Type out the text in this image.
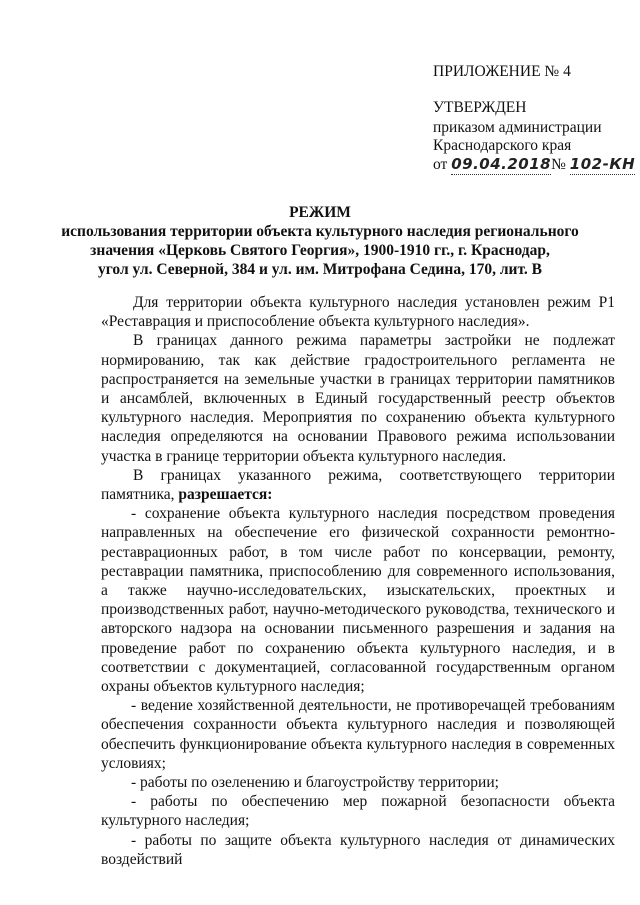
ПРИЛОЖЕНИЕ № 4
УТВЕРЖДЕН
приказом администрации
Краснодарского края
от 09.04.2018№ 102-КН
РЕЖИМ
использования территории объекта культурного наследия регионального
значения «Церковь Святого Георгия», 1900-1910 гг., г. Краснодар,
угол ул. Северной, 384 и ул. им. Митрофана Седина, 170, лит. В

Для территории объекта культурного наследия установлен режим Р1 «Реставрация и приспособление объекта культурного наследия».

В границах данного режима параметры застройки не подлежат нормированию, так как действие градостроительного регламента не распространяется на земельные участки в границах территории памятников и ансамблей, включенных в Единый государственный реестр объектов культурного наследия. Мероприятия по сохранению объекта культурного наследия определяются на основании Правового режима использовании участка в границе территории объекта культурного наследия.

В границах указанного режима, соответствующего территории памятника, разрешается:

- сохранение объекта культурного наследия посредством проведения направленных на обеспечение его физической сохранности ремонтно-реставрационных работ, в том числе работ по консервации, ремонту, реставрации памятника, приспособлению для современного использования, а также научно-исследовательских, изыскательских, проектных и производственных работ, научно-методического руководства, технического и авторского надзора на основании письменного разрешения и задания на проведение работ по сохранению объекта культурного наследия, и в соответствии с документацией, согласованной государственным органом охраны объектов культурного наследия;

- ведение хозяйственной деятельности, не противоречащей требованиям обеспечения сохранности объекта культурного наследия и позволяющей обеспечить функционирование объекта культурного наследия в современных условиях;

- работы по озеленению и благоустройству территории;

- работы по обеспечению мер пожарной безопасности объекта культурного наследия;

- работы по защите объекта культурного наследия от динамических воздействий
